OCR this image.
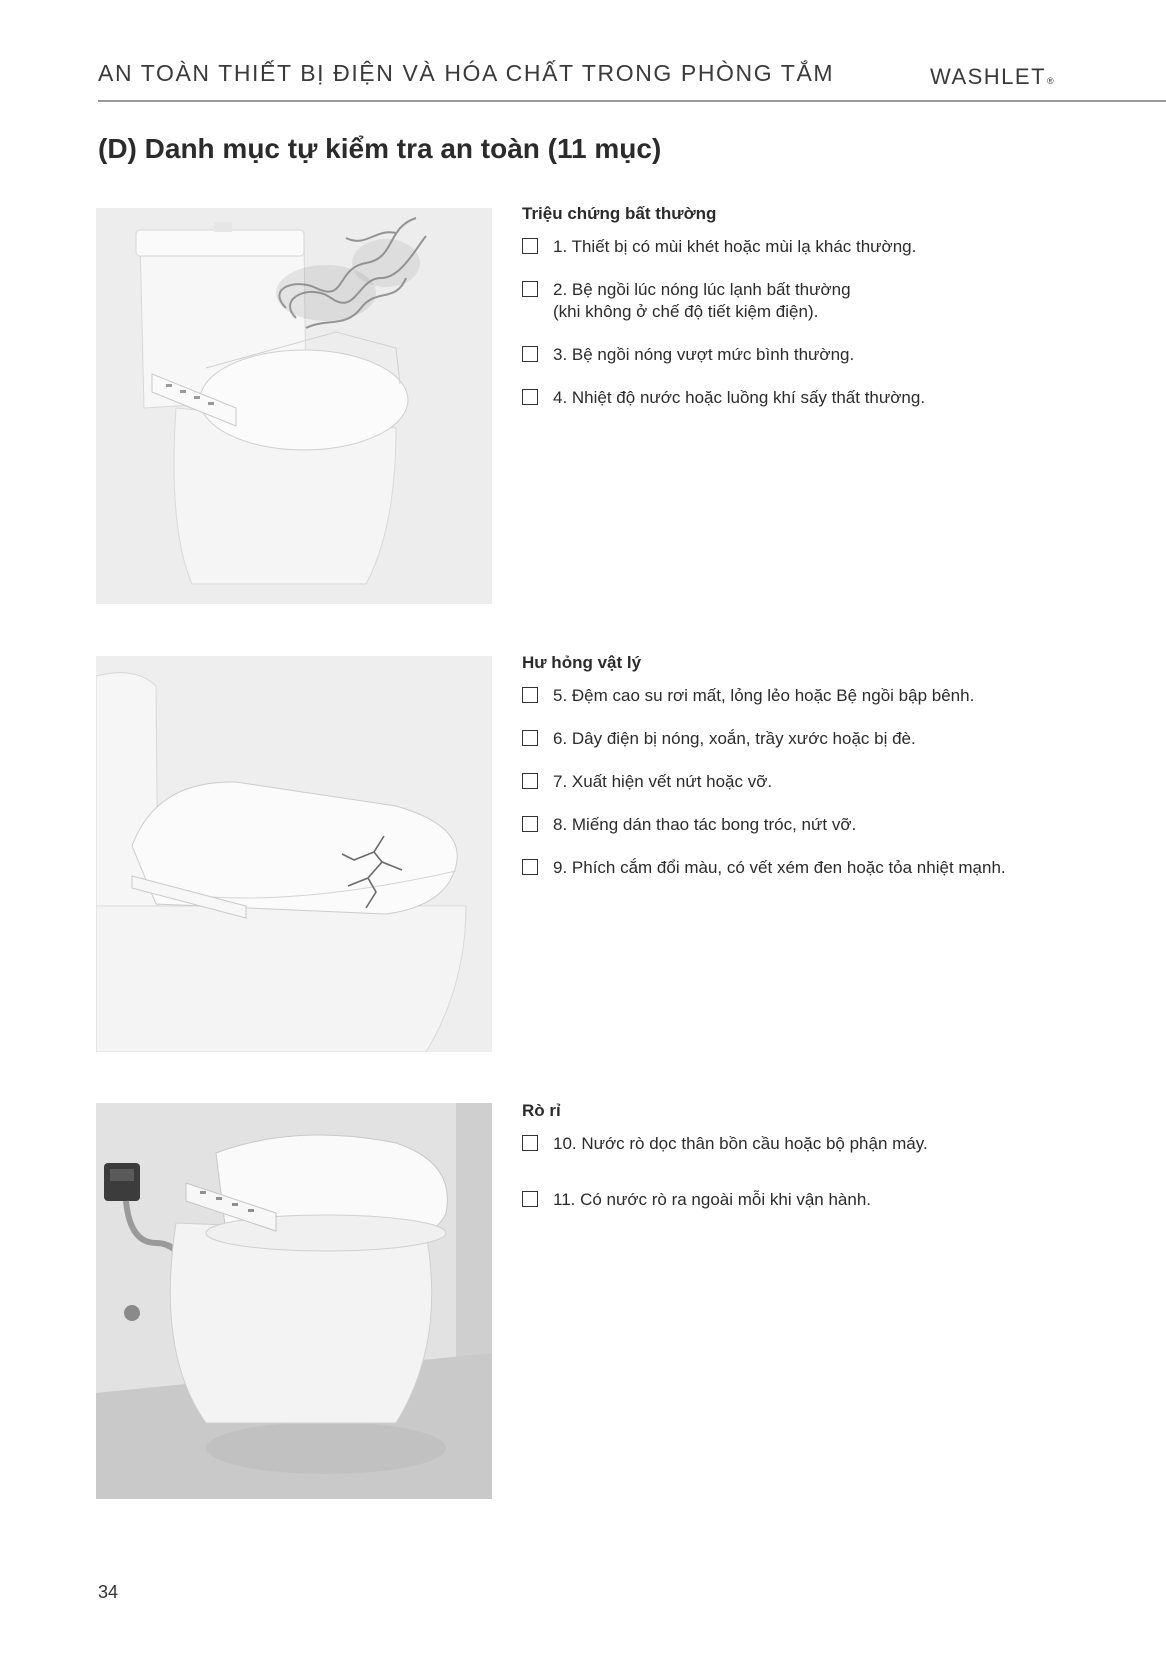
AN TOÀN THIẾT BỊ ĐIỆN VÀ HÓA CHẤT TRONG PHÒNG TẮM	WASHLET®
(D) Danh mục tự kiểm tra an toàn (11 mục)
Triệu chứng bất thường
1. Thiết bị có mùi khét hoặc mùi lạ khác thường.
2. Bệ ngồi lúc nóng lúc lạnh bất thường
(khi không ở chế độ tiết kiệm điện).
3. Bệ ngồi nóng vượt mức bình thường.
4. Nhiệt độ nước hoặc luồng khí sấy thất thường.
Hư hỏng vật lý
5. Đệm cao su rơi mất, lỏng lẻo hoặc Bệ ngồi bập bênh.
6. Dây điện bị nóng, xoắn, trầy xước hoặc bị đè.
7. Xuất hiện vết nứt hoặc vỡ.
8. Miếng dán thao tác bong tróc, nứt vỡ.
9. Phích cắm đổi màu, có vết xém đen hoặc tỏa nhiệt mạnh.
Rò rỉ
10. Nước rò dọc thân bồn cầu hoặc bộ phận máy.
11. Có nước rò ra ngoài mỗi khi vận hành.
34
